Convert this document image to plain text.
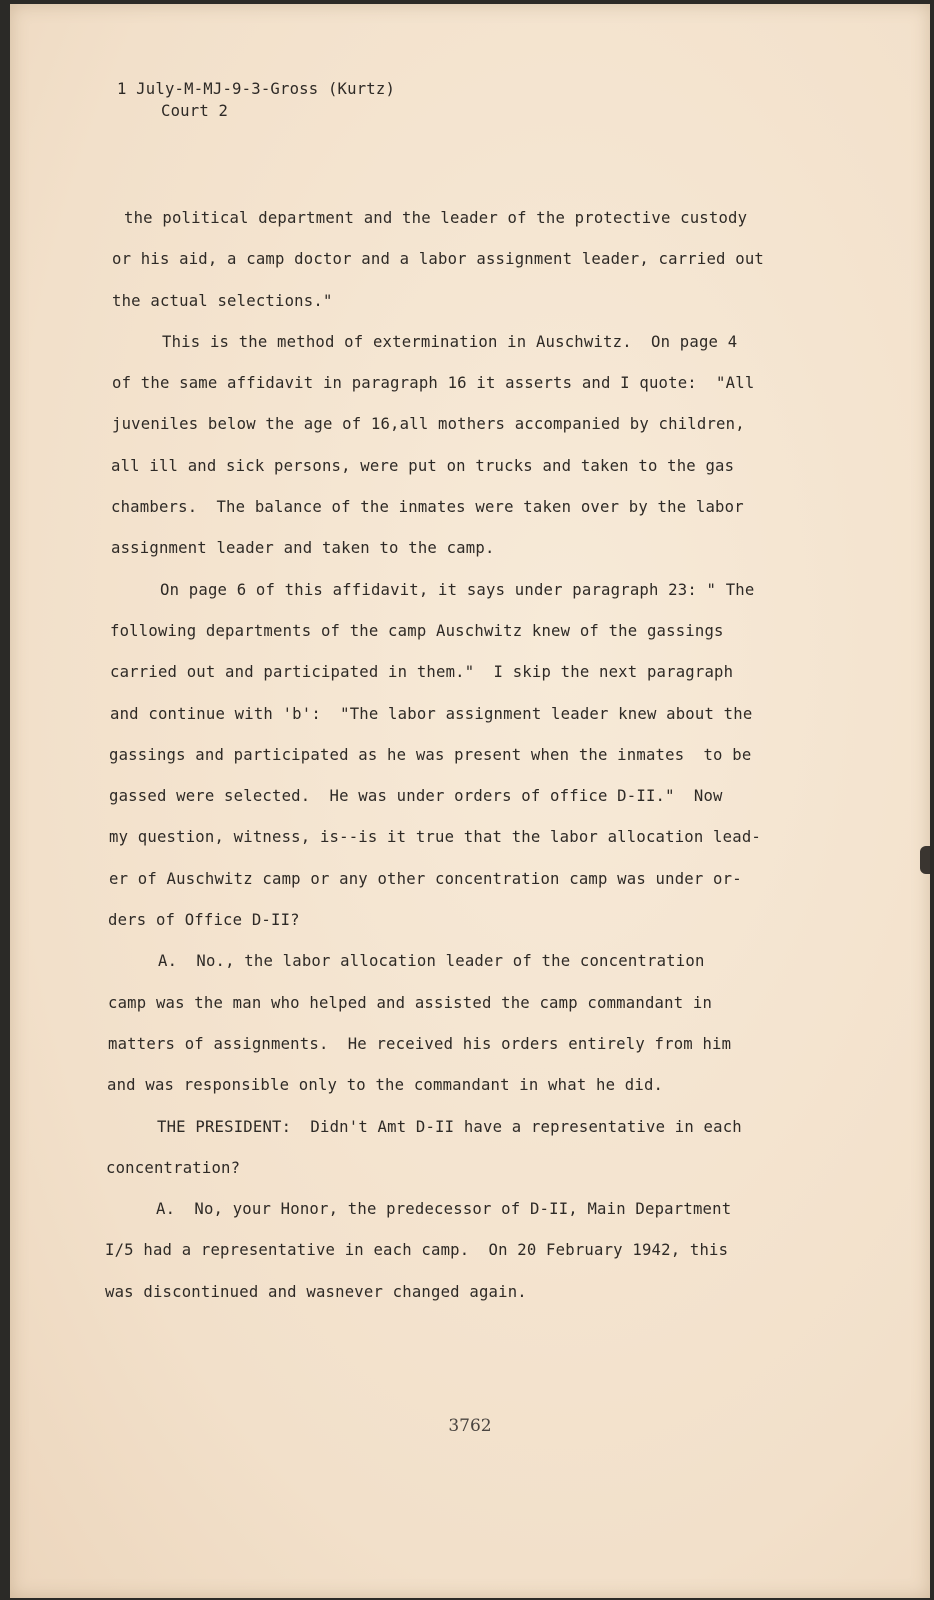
1 July-M-MJ-9-3-Gross (Kurtz)
Court 2
the political department and the leader of the protective custody
or his aid, a camp doctor and a labor assignment leader, carried out
the actual selections."
This is the method of extermination in Auschwitz.  On page 4
of the same affidavit in paragraph 16 it asserts and I quote:  "All
juveniles below the age of 16,all mothers accompanied by children,
all ill and sick persons, were put on trucks and taken to the gas
chambers.  The balance of the inmates were taken over by the labor
assignment leader and taken to the camp.
On page 6 of this affidavit, it says under paragraph 23: " The
following departments of the camp Auschwitz knew of the gassings
carried out and participated in them."  I skip the next paragraph
and continue with 'b':  "The labor assignment leader knew about the
gassings and participated as he was present when the inmates  to be
gassed were selected.  He was under orders of office D-II."  Now
my question, witness, is--is it true that the labor allocation lead-
er of Auschwitz camp or any other concentration camp was under or-
ders of Office D-II?
A.  No., the labor allocation leader of the concentration
camp was the man who helped and assisted the camp commandant in
matters of assignments.  He received his orders entirely from him
and was responsible only to the commandant in what he did.
THE PRESIDENT:  Didn't Amt D-II have a representative in each
concentration?
A.  No, your Honor, the predecessor of D-II, Main Department
I/5 had a representative in each camp.  On 20 February 1942, this
was discontinued and wasnever changed again.
3762
